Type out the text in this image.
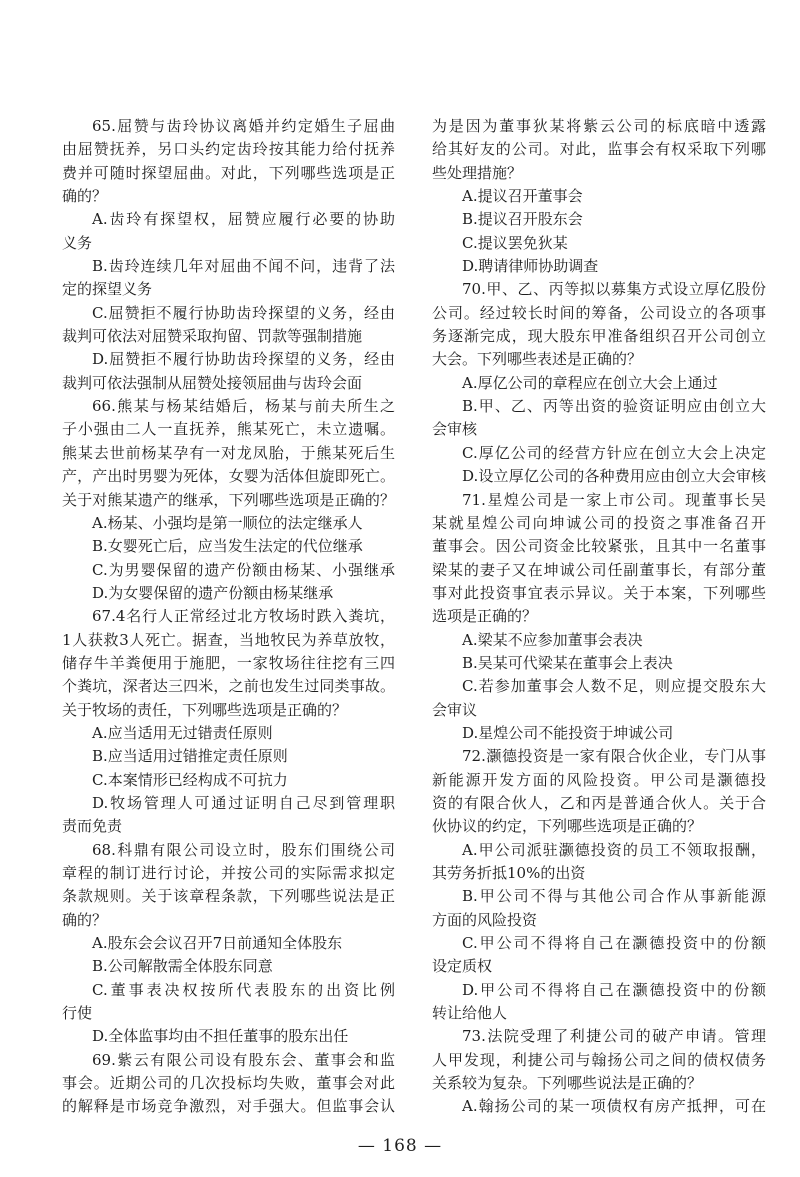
65.屈赞与齿玲协议离婚并约定婚生子屈曲
由屈赞抚养，另口头约定齿玲按其能力给付抚养
费并可随时探望屈曲。对此，下列哪些选项是正
确的？
A.齿玲有探望权，屈赞应履行必要的协助
义务
B.齿玲连续几年对屈曲不闻不问，违背了法
定的探望义务
C.屈赞拒不履行协助齿玲探望的义务，经由
裁判可依法对屈赞采取拘留、罚款等强制措施
D.屈赞拒不履行协助齿玲探望的义务，经由
裁判可依法强制从屈赞处接领屈曲与齿玲会面
66.熊某与杨某结婚后，杨某与前夫所生之
子小强由二人一直抚养，熊某死亡，未立遗嘱。
熊某去世前杨某孕有一对龙凤胎，于熊某死后生
产，产出时男婴为死体，女婴为活体但旋即死亡。
关于对熊某遗产的继承，下列哪些选项是正确的？
A.杨某、小强均是第一顺位的法定继承人
B.女婴死亡后，应当发生法定的代位继承
C.为男婴保留的遗产份额由杨某、小强继承
D.为女婴保留的遗产份额由杨某继承
67.4名行人正常经过北方牧场时跌入粪坑，
1人获救3人死亡。据查，当地牧民为养草放牧，
储存牛羊粪便用于施肥，一家牧场往往挖有三四
个粪坑，深者达三四米，之前也发生过同类事故。
关于牧场的责任，下列哪些选项是正确的？
A.应当适用无过错责任原则
B.应当适用过错推定责任原则
C.本案情形已经构成不可抗力
D.牧场管理人可通过证明自己尽到管理职
责而免责
68.科鼎有限公司设立时，股东们围绕公司
章程的制订进行讨论，并按公司的实际需求拟定
条款规则。关于该章程条款，下列哪些说法是正
确的？
A.股东会会议召开7日前通知全体股东
B.公司解散需全体股东同意
C.董事表决权按所代表股东的出资比例
行使
D.全体监事均由不担任董事的股东出任
69.紫云有限公司设有股东会、董事会和监
事会。近期公司的几次投标均失败，董事会对此
的解释是市场竞争激烈，对手强大。但监事会认
为是因为董事狄某将紫云公司的标底暗中透露
给其好友的公司。对此，监事会有权采取下列哪
些处理措施？
A.提议召开董事会
B.提议召开股东会
C.提议罢免狄某
D.聘请律师协助调查
70.甲、乙、丙等拟以募集方式设立厚亿股份
公司。经过较长时间的筹备，公司设立的各项事
务逐渐完成，现大股东甲准备组织召开公司创立
大会。下列哪些表述是正确的？
A.厚亿公司的章程应在创立大会上通过
B.甲、乙、丙等出资的验资证明应由创立大
会审核
C.厚亿公司的经营方针应在创立大会上决定
D.设立厚亿公司的各种费用应由创立大会审核
71.星煌公司是一家上市公司。现董事长吴
某就星煌公司向坤诚公司的投资之事准备召开
董事会。因公司资金比较紧张，且其中一名董事
梁某的妻子又在坤诚公司任副董事长，有部分董
事对此投资事宜表示异议。关于本案，下列哪些
选项是正确的？
A.梁某不应参加董事会表决
B.吴某可代梁某在董事会上表决
C.若参加董事会人数不足，则应提交股东大
会审议
D.星煌公司不能投资于坤诚公司
72.灏德投资是一家有限合伙企业，专门从事
新能源开发方面的风险投资。甲公司是灏德投
资的有限合伙人，乙和丙是普通合伙人。关于合
伙协议的约定，下列哪些选项是正确的？
A.甲公司派驻灏德投资的员工不领取报酬，
其劳务折抵10%的出资
B.甲公司不得与其他公司合作从事新能源
方面的风险投资
C.甲公司不得将自己在灏德投资中的份额
设定质权
D.甲公司不得将自己在灏德投资中的份额
转让给他人
73.法院受理了利捷公司的破产申请。管理
人甲发现，利捷公司与翰扬公司之间的债权债务
关系较为复杂。下列哪些说法是正确的？
A.翰扬公司的某一项债权有房产抵押，可在
— 168 —
